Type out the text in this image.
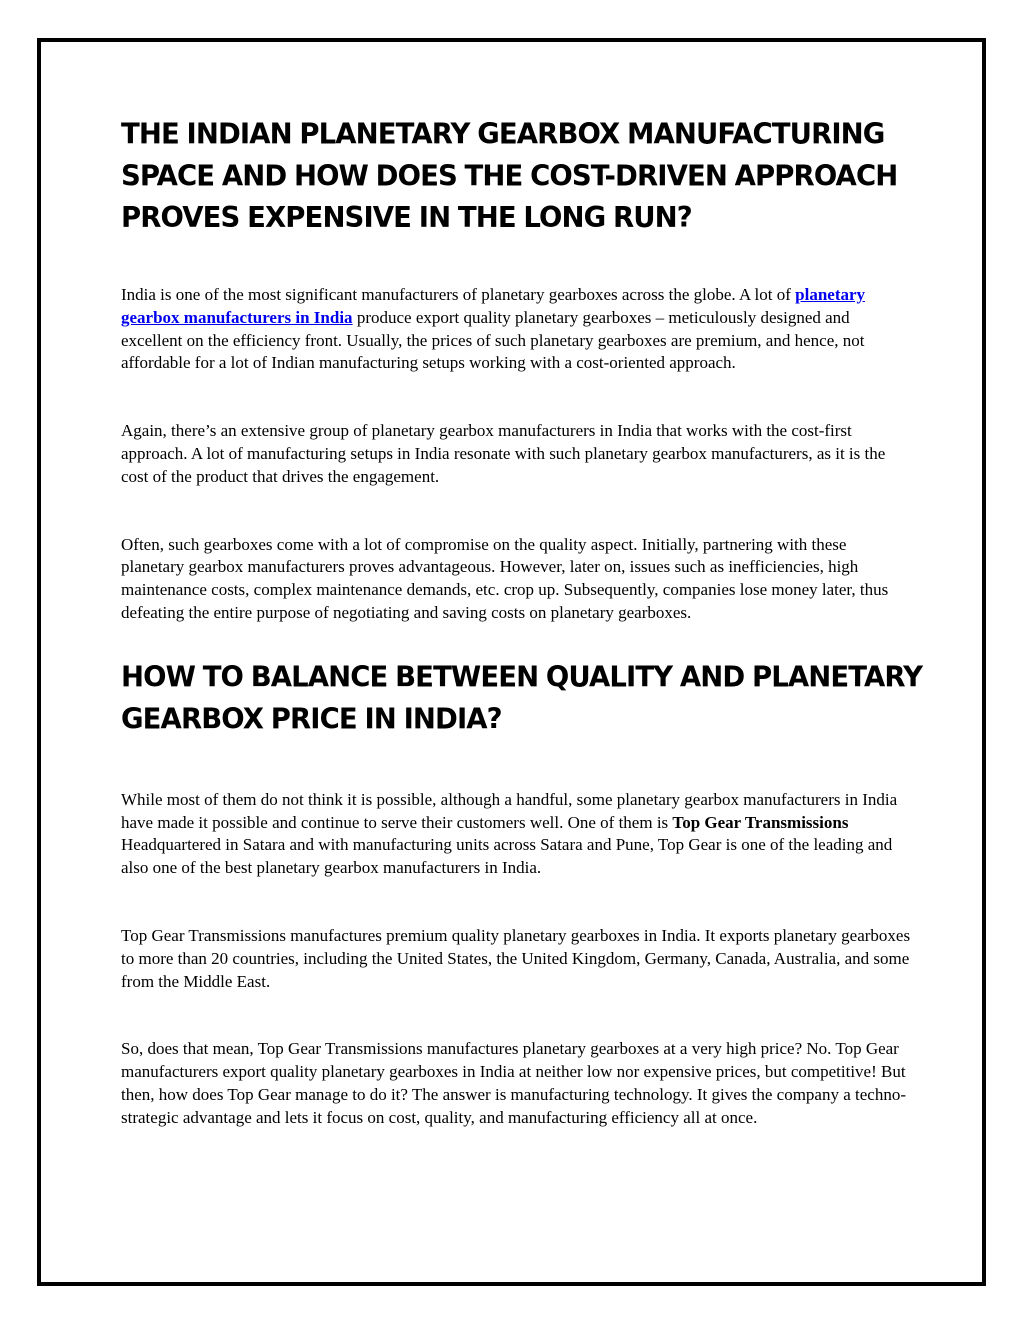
THE INDIAN PLANETARY GEARBOX MANUFACTURING SPACE AND HOW DOES THE COST-DRIVEN APPROACH PROVES EXPENSIVE IN THE LONG RUN?

India is one of the most significant manufacturers of planetary gearboxes across the globe. A lot of planetary gearbox manufacturers in India produce export quality planetary gearboxes – meticulously designed and excellent on the efficiency front. Usually, the prices of such planetary gearboxes are premium, and hence, not affordable for a lot of Indian manufacturing setups working with a cost-oriented approach.

Again, there’s an extensive group of planetary gearbox manufacturers in India that works with the cost-first approach. A lot of manufacturing setups in India resonate with such planetary gearbox manufacturers, as it is the cost of the product that drives the engagement.

Often, such gearboxes come with a lot of compromise on the quality aspect. Initially, partnering with these planetary gearbox manufacturers proves advantageous. However, later on, issues such as inefficiencies, high maintenance costs, complex maintenance demands, etc. crop up. Subsequently, companies lose money later, thus defeating the entire purpose of negotiating and saving costs on planetary gearboxes.

HOW TO BALANCE BETWEEN QUALITY AND PLANETARY GEARBOX PRICE IN INDIA?

While most of them do not think it is possible, although a handful, some planetary gearbox manufacturers in India have made it possible and continue to serve their customers well. One of them is Top Gear Transmissions Headquartered in Satara and with manufacturing units across Satara and Pune, Top Gear is one of the leading and also one of the best planetary gearbox manufacturers in India.

Top Gear Transmissions manufactures premium quality planetary gearboxes in India. It exports planetary gearboxes to more than 20 countries, including the United States, the United Kingdom, Germany, Canada, Australia, and some from the Middle East.

So, does that mean, Top Gear Transmissions manufactures planetary gearboxes at a very high price? No. Top Gear manufacturers export quality planetary gearboxes in India at neither low nor expensive prices, but competitive! But then, how does Top Gear manage to do it? The answer is manufacturing technology. It gives the company a techno-strategic advantage and lets it focus on cost, quality, and manufacturing efficiency all at once.
